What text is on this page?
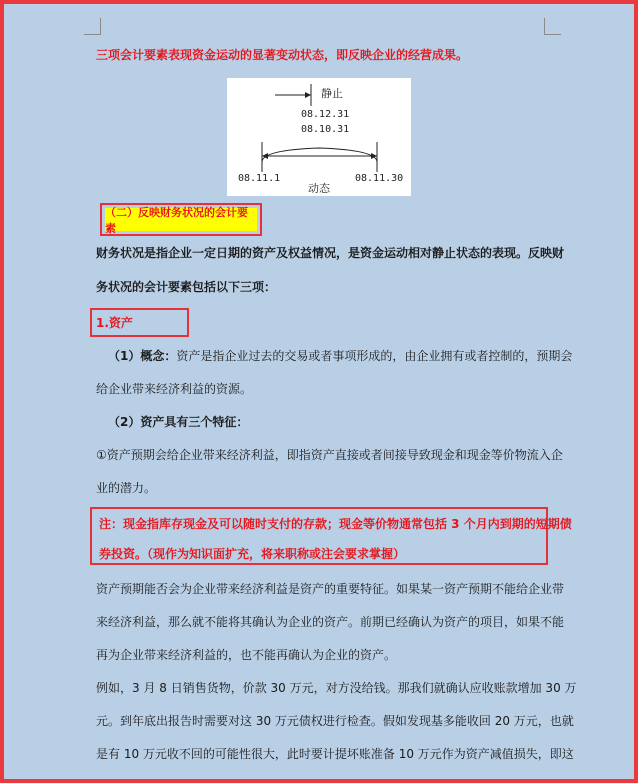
三项会计要素表现资金运动的显著变动状态，即反映企业的经营成果。
静止
08.12.31
08.10.31
08.11.1
动态
08.11.30
（二）反映财务状况的会计要素
财务状况是指企业一定日期的资产及权益情况，是资金运动相对静止状态的表现。反映财
务状况的会计要素包括以下三项：
1.资产
（1）概念：资产是指企业过去的交易或者事项形成的，由企业拥有或者控制的，预期会
给企业带来经济利益的资源。
（2）资产具有三个特征：
①资产预期会给企业带来经济利益，即指资产直接或者间接导致现金和现金等价物流入企
业的潜力。
注：现金指库存现金及可以随时支付的存款；现金等价物通常包括 3 个月内到期的短期债
券投资。（现作为知识面扩充，将来职称或注会要求掌握）
资产预期能否会为企业带来经济利益是资产的重要特征。如果某一资产预期不能给企业带
来经济利益，那么就不能将其确认为企业的资产。前期已经确认为资产的项目，如果不能
再为企业带来经济利益的，也不能再确认为企业的资产。
例如，3 月 8 日销售货物，价款 30 万元，对方没给钱。那我们就确认应收账款增加 30 万
元。到年底出报告时需要对这 30 万元债权进行检查。假如发现基多能收回 20 万元，也就
是有 10 万元收不回的可能性很大，此时要计提坏账准备 10 万元作为资产减值损失，即这
